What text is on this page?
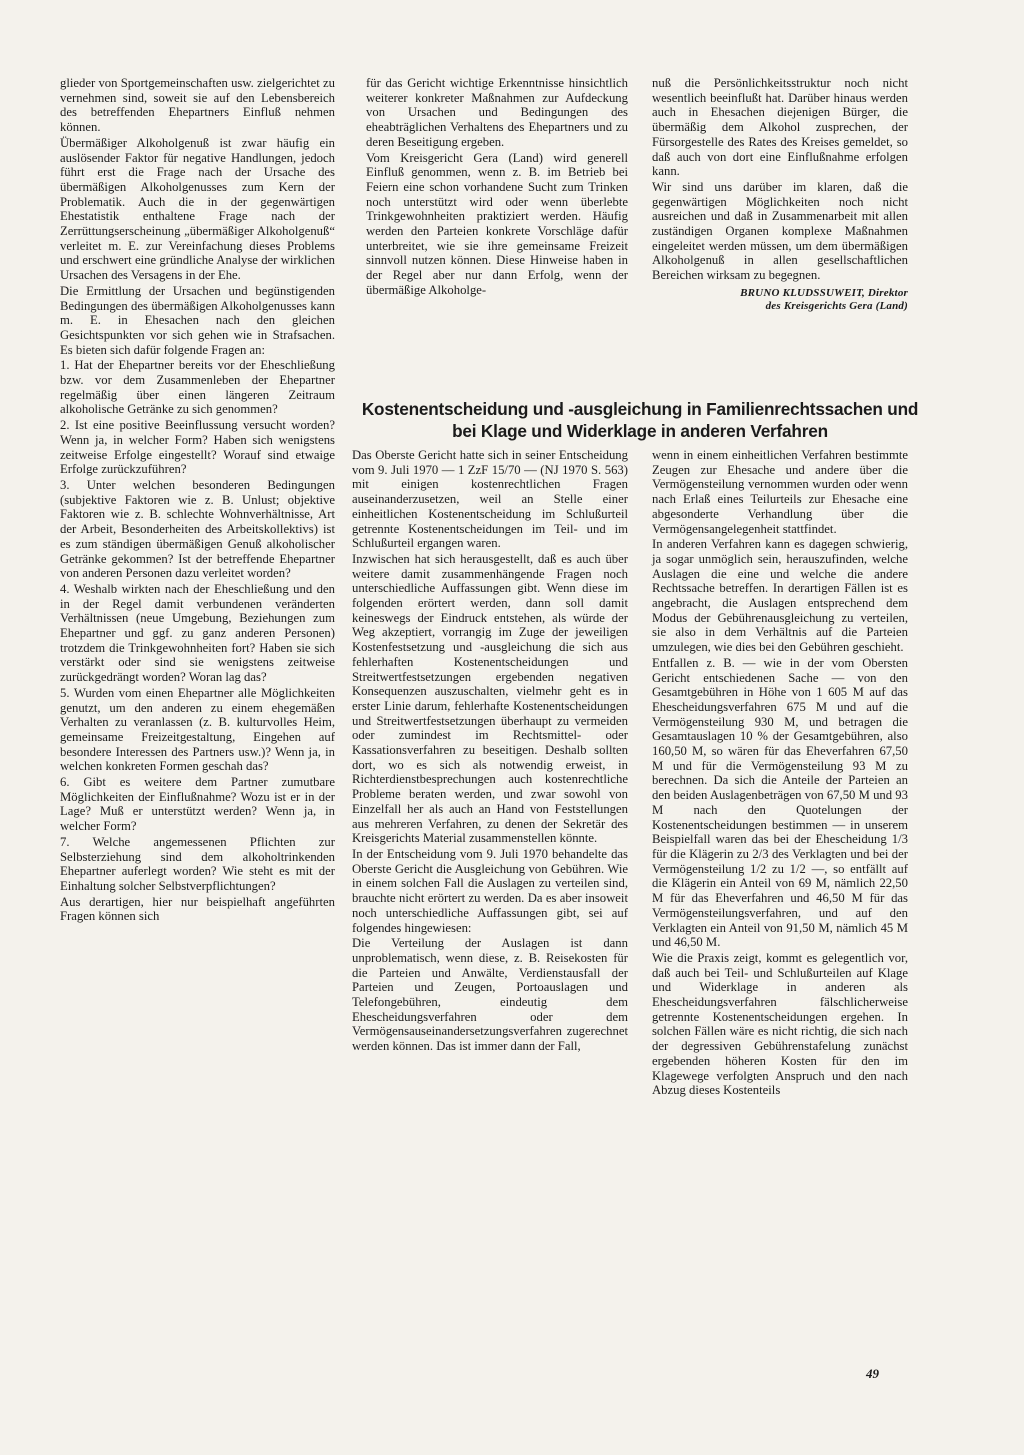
glieder von Sportgemeinschaften usw. zielgerichtet zu vernehmen sind, soweit sie auf den Lebensbereich des betreffenden Ehepartners Einfluß nehmen können.

Übermäßiger Alkoholgenuß ist zwar häufig ein auslösender Faktor für negative Handlungen, jedoch führt erst die Frage nach der Ursache des übermäßigen Alkoholgenusses zum Kern der Problematik. Auch die in der gegenwärtigen Ehestatistik enthaltene Frage nach der Zerrüttungserscheinung „übermäßiger Alkoholgenuß“ verleitet m. E. zur Vereinfachung dieses Problems und erschwert eine gründliche Analyse der wirklichen Ursachen des Versagens in der Ehe.

Die Ermittlung der Ursachen und begünstigenden Bedingungen des übermäßigen Alkoholgenusses kann m. E. in Ehesachen nach den gleichen Gesichtspunkten vor sich gehen wie in Strafsachen. Es bieten sich dafür folgende Fragen an:

1. Hat der Ehepartner bereits vor der Eheschließung bzw. vor dem Zusammenleben der Ehepartner regelmäßig über einen längeren Zeitraum alkoholische Getränke zu sich genommen?

2. Ist eine positive Beeinflussung versucht worden? Wenn ja, in welcher Form? Haben sich wenigstens zeitweise Erfolge eingestellt? Worauf sind etwaige Erfolge zurückzuführen?

3. Unter welchen besonderen Bedingungen (subjektive Faktoren wie z. B. Unlust; objektive Faktoren wie z. B. schlechte Wohnverhältnisse, Art der Arbeit, Besonderheiten des Arbeitskollektivs) ist es zum ständigen übermäßigen Genuß alkoholischer Getränke gekommen? Ist der betreffende Ehepartner von anderen Personen dazu verleitet worden?

4. Weshalb wirkten nach der Eheschließung und den in der Regel damit verbundenen veränderten Verhältnissen (neue Umgebung, Beziehungen zum Ehepartner und ggf. zu ganz anderen Personen) trotzdem die Trinkgewohnheiten fort? Haben sie sich verstärkt oder sind sie wenigstens zeitweise zurückgedrängt worden? Woran lag das?

5. Wurden vom einen Ehepartner alle Möglichkeiten genutzt, um den anderen zu einem ehegemäßen Verhalten zu veranlassen (z. B. kulturvolles Heim, gemeinsame Freizeitgestaltung, Eingehen auf besondere Interessen des Partners usw.)? Wenn ja, in welchen konkreten Formen geschah das?

6. Gibt es weitere dem Partner zumutbare Möglichkeiten der Einflußnahme? Wozu ist er in der Lage? Muß er unterstützt werden? Wenn ja, in welcher Form?

7. Welche angemessenen Pflichten zur Selbsterziehung sind dem alkoholtrinkenden Ehepartner auferlegt worden? Wie steht es mit der Einhaltung solcher Selbstverpflichtungen?

Aus derartigen, hier nur beispielhaft angeführten Fragen können sich

für das Gericht wichtige Erkenntnisse hinsichtlich weiterer konkreter Maßnahmen zur Aufdeckung von Ursachen und Bedingungen des eheabträglichen Verhaltens des Ehepartners und zu deren Beseitigung ergeben.

Vom Kreisgericht Gera (Land) wird generell Einfluß genommen, wenn z. B. im Betrieb bei Feiern eine schon vorhandene Sucht zum Trinken noch unterstützt wird oder wenn überlebte Trinkgewohnheiten praktiziert werden. Häufig werden den Parteien konkrete Vorschläge dafür unterbreitet, wie sie ihre gemeinsame Freizeit sinnvoll nutzen können. Diese Hinweise haben in der Regel aber nur dann Erfolg, wenn der übermäßige Alkoholge-

nuß die Persönlichkeitsstruktur noch nicht wesentlich beeinflußt hat. Darüber hinaus werden auch in Ehesachen diejenigen Bürger, die übermäßig dem Alkohol zusprechen, der Fürsorgestelle des Rates des Kreises gemeldet, so daß auch von dort eine Einflußnahme erfolgen kann.

Wir sind uns darüber im klaren, daß die gegenwärtigen Möglichkeiten noch nicht ausreichen und daß in Zusammenarbeit mit allen zuständigen Organen komplexe Maßnahmen eingeleitet werden müssen, um dem übermäßigen Alkoholgenuß in allen gesellschaftlichen Bereichen wirksam zu begegnen.

BRUNO KLUDSSUWEIT, Direktor
des Kreisgerichts Gera (Land)

Kostenentscheidung und -ausgleichung in Familienrechtssachen und bei Klage und Widerklage in anderen Verfahren

Das Oberste Gericht hatte sich in seiner Entscheidung vom 9. Juli 1970 — 1 ZzF 15/70 — (NJ 1970 S. 563) mit einigen kostenrechtlichen Fragen auseinanderzusetzen, weil an Stelle einer einheitlichen Kostenentscheidung im Schlußurteil getrennte Kostenentscheidungen im Teil- und im Schlußurteil ergangen waren.

Inzwischen hat sich herausgestellt, daß es auch über weitere damit zusammenhängende Fragen noch unterschiedliche Auffassungen gibt. Wenn diese im folgenden erörtert werden, dann soll damit keineswegs der Eindruck entstehen, als würde der Weg akzeptiert, vorrangig im Zuge der jeweiligen Kostenfestsetzung und -ausgleichung die sich aus fehlerhaften Kostenentscheidungen und Streitwertfestsetzungen ergebenden negativen Konsequenzen auszuschalten, vielmehr geht es in erster Linie darum, fehlerhafte Kostenentscheidungen und Streitwertfestsetzungen überhaupt zu vermeiden oder zumindest im Rechtsmittel- oder Kassationsverfahren zu beseitigen. Deshalb sollten dort, wo es sich als notwendig erweist, in Richterdienstbesprechungen auch kostenrechtliche Probleme beraten werden, und zwar sowohl von Einzelfall her als auch an Hand von Feststellungen aus mehreren Verfahren, zu denen der Sekretär des Kreisgerichts Material zusammenstellen könnte.

In der Entscheidung vom 9. Juli 1970 behandelte das Oberste Gericht die Ausgleichung von Gebühren. Wie in einem solchen Fall die Auslagen zu verteilen sind, brauchte nicht erörtert zu werden. Da es aber insoweit noch unterschiedliche Auffassungen gibt, sei auf folgendes hingewiesen:

Die Verteilung der Auslagen ist dann unproblematisch, wenn diese, z. B. Reisekosten für die Parteien und Anwälte, Verdienstausfall der Parteien und Zeugen, Portoauslagen und Telefongebühren, eindeutig dem Ehescheidungsverfahren oder dem Vermögensauseinandersetzungsverfahren zugerechnet werden können. Das ist immer dann der Fall,

wenn in einem einheitlichen Verfahren bestimmte Zeugen zur Ehesache und andere über die Vermögensteilung vernommen wurden oder wenn nach Erlaß eines Teilurteils zur Ehesache eine abgesonderte Verhandlung über die Vermögensangelegenheit stattfindet.

In anderen Verfahren kann es dagegen schwierig, ja sogar unmöglich sein, herauszufinden, welche Auslagen die eine und welche die andere Rechtssache betreffen. In derartigen Fällen ist es angebracht, die Auslagen entsprechend dem Modus der Gebührenausgleichung zu verteilen, sie also in dem Verhältnis auf die Parteien umzulegen, wie dies bei den Gebühren geschieht.

Entfallen z. B. — wie in der vom Obersten Gericht entschiedenen Sache — von den Gesamtgebühren in Höhe von 1 605 M auf das Ehescheidungsverfahren 675 M und auf die Vermögensteilung 930 M, und betragen die Gesamtauslagen 10 % der Gesamtgebühren, also 160,50 M, so wären für das Eheverfahren 67,50 M und für die Vermögensteilung 93 M zu berechnen. Da sich die Anteile der Parteien an den beiden Auslagenbeträgen von 67,50 M und 93 M nach den Quotelungen der Kostenentscheidungen bestimmen — in unserem Beispielfall waren das bei der Ehescheidung 1/3 für die Klägerin zu 2/3 des Verklagten und bei der Vermögensteilung 1/2 zu 1/2 —, so entfällt auf die Klägerin ein Anteil von 69 M, nämlich 22,50 M für das Eheverfahren und 46,50 M für das Vermögensteilungsverfahren, und auf den Verklagten ein Anteil von 91,50 M, nämlich 45 M und 46,50 M.

Wie die Praxis zeigt, kommt es gelegentlich vor, daß auch bei Teil- und Schlußurteilen auf Klage und Widerklage in anderen als Ehescheidungsverfahren fälschlicherweise getrennte Kostenentscheidungen ergehen. In solchen Fällen wäre es nicht richtig, die sich nach der degressiven Gebührenstafelung zunächst ergebenden höheren Kosten für den im Klagewege verfolgten Anspruch und den nach Abzug dieses Kostenteils

49
